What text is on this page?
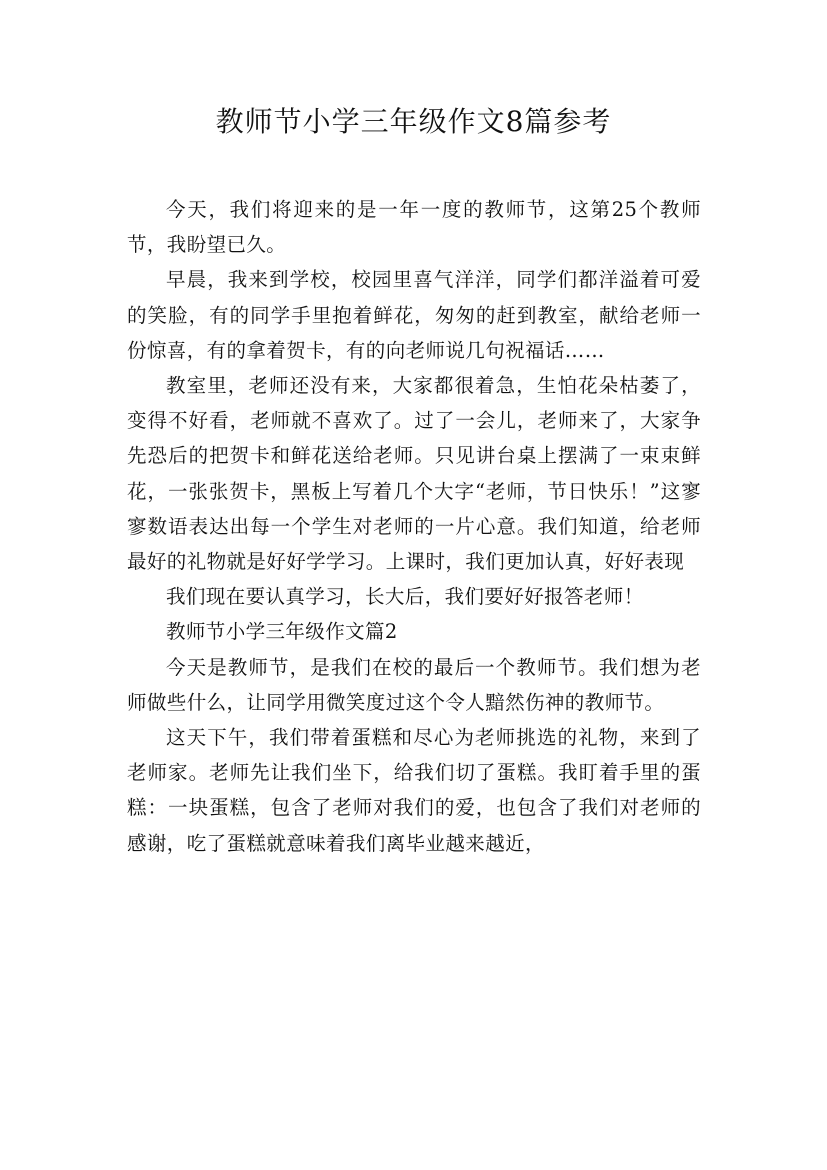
教师节小学三年级作文8篇参考

今天，我们将迎来的是一年一度的教师节，这第25个教师节，我盼望已久。

早晨，我来到学校，校园里喜气洋洋，同学们都洋溢着可爱的笑脸，有的同学手里抱着鲜花，匆匆的赶到教室，献给老师一份惊喜，有的拿着贺卡，有的向老师说几句祝福话……

教室里，老师还没有来，大家都很着急，生怕花朵枯萎了，变得不好看，老师就不喜欢了。过了一会儿，老师来了，大家争先恐后的把贺卡和鲜花送给老师。只见讲台桌上摆满了一束束鲜花，一张张贺卡，黑板上写着几个大字“老师，节日快乐！”这寥寥数语表达出每一个学生对老师的一片心意。我们知道，给老师最好的礼物就是好好学学习。上课时，我们更加认真，好好表现

我们现在要认真学习，长大后，我们要好好报答老师！

教师节小学三年级作文篇2

今天是教师节，是我们在校的最后一个教师节。我们想为老师做些什么，让同学用微笑度过这个令人黯然伤神的教师节。

这天下午，我们带着蛋糕和尽心为老师挑选的礼物，来到了老师家。老师先让我们坐下，给我们切了蛋糕。我盯着手里的蛋糕：一块蛋糕，包含了老师对我们的爱，也包含了我们对老师的感谢，吃了蛋糕就意味着我们离毕业越来越近，
